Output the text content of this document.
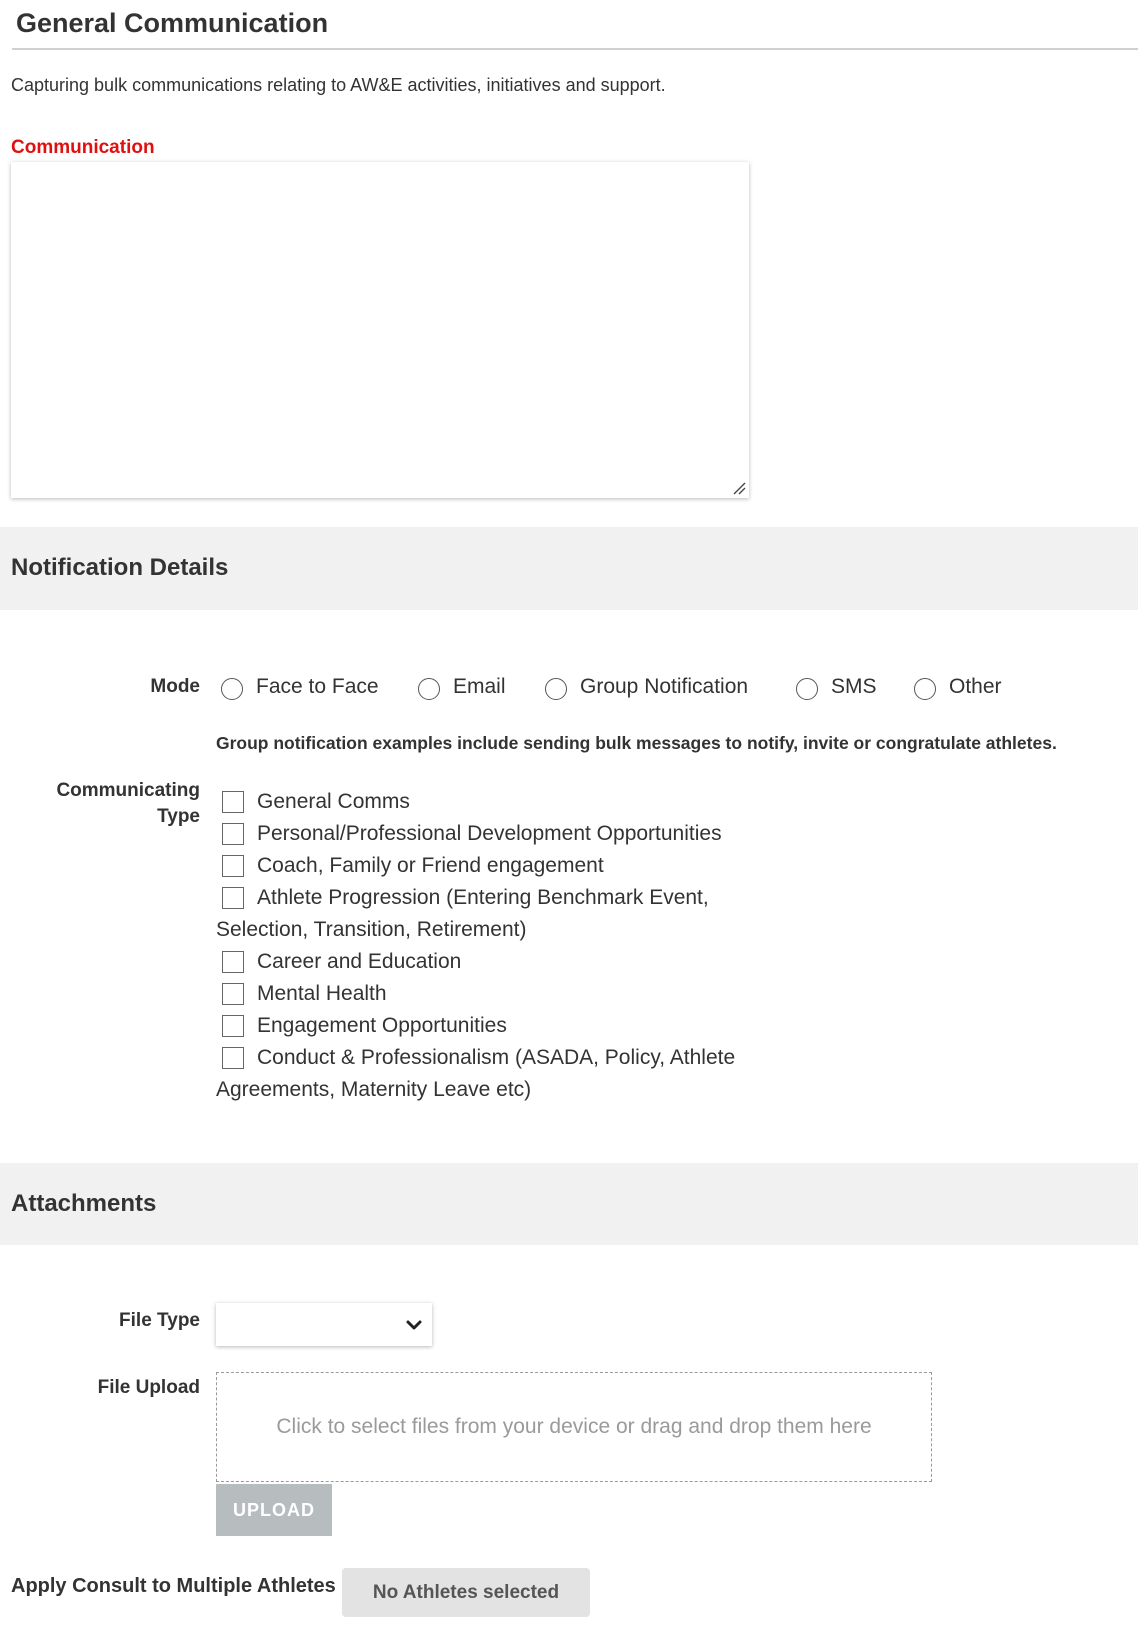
General Communication
Capturing bulk communications relating to AW&E activities, initiatives and support.
Communication
Notification Details
Mode	Face to Face	Email	Group Notification	SMS	Other
Group notification examples include sending bulk messages to notify, invite or congratulate athletes.
Communicating
Type
General Comms
Personal/Professional Development Opportunities
Coach, Family or Friend engagement
Athlete Progression (Entering Benchmark Event, Selection, Transition, Retirement)
Career and Education
Mental Health
Engagement Opportunities
Conduct & Professionalism (ASADA, Policy, Athlete Agreements, Maternity Leave etc)
Attachments
File Type
File Upload
Click to select files from your device or drag and drop them here
UPLOAD
Apply Consult to Multiple Athletes	No Athletes selected
